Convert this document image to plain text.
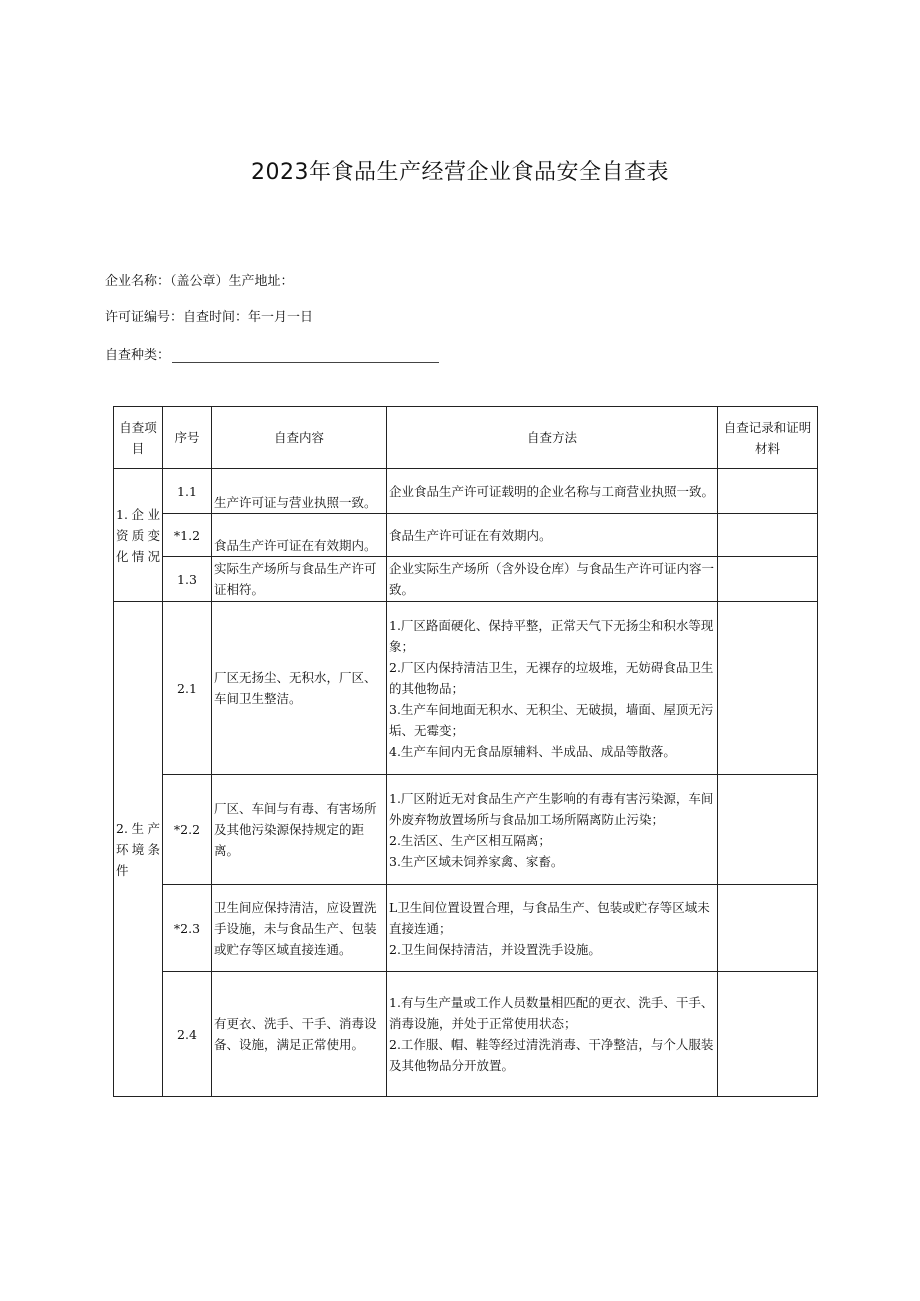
2023年食品生产经营企业食品安全自查表
企业名称：（盖公章）生产地址：
许可证编号：自查时间：年一月一日
自查种类：
自查项目	序号	自查内容	自查方法	自查记录和证明材料
1.企业资质变化情况	1.1	生产许可证与营业执照一致。	企业食品生产许可证载明的企业名称与工商营业执照一致。	

	*1.2	食品生产许可证在有效期内。	食品生产许可证在有效期内。	

	1.3	实际生产场所与食品生产许可证相符。	企业实际生产场所（含外设仓库）与食品生产许可证内容一致。	

2.生产环境条件	2.1	厂区无扬尘、无积水，厂区、车间卫生整洁。	1.厂区路面硬化、保持平整，正常天气下无扬尘和积水等现象；
2.厂区内保持清洁卫生，无裸存的垃圾堆，无妨碍食品卫生的其他物品；
3.生产车间地面无积水、无积尘、无破损，墙面、屋顶无污垢、无霉变；
4.生产车间内无食品原辅料、半成品、成品等散落。	

	*2.2	厂区、车间与有毒、有害场所及其他污染源保持规定的距离。	1.厂区附近无对食品生产产生影响的有毒有害污染源，车间外废弃物放置场所与食品加工场所隔离防止污染；
2.生活区、生产区相互隔离；
3.生产区域未饲养家禽、家畜。	

	*2.3	卫生间应保持清洁，应设置洗手设施，未与食品生产、包装或贮存等区域直接连通。	L卫生间位置设置合理，与食品生产、包装或贮存等区域未直接连通；
2.卫生间保持清洁，并设置洗手设施。	

	2.4	有更衣、洗手、干手、消毒设备、设施，满足正常使用。	1.有与生产量或工作人员数量相匹配的更衣、洗手、干手、消毒设施，并处于正常使用状态；
2.工作服、帽、鞋等经过清洗消毒、干净整洁，与个人服装及其他物品分开放置。	
